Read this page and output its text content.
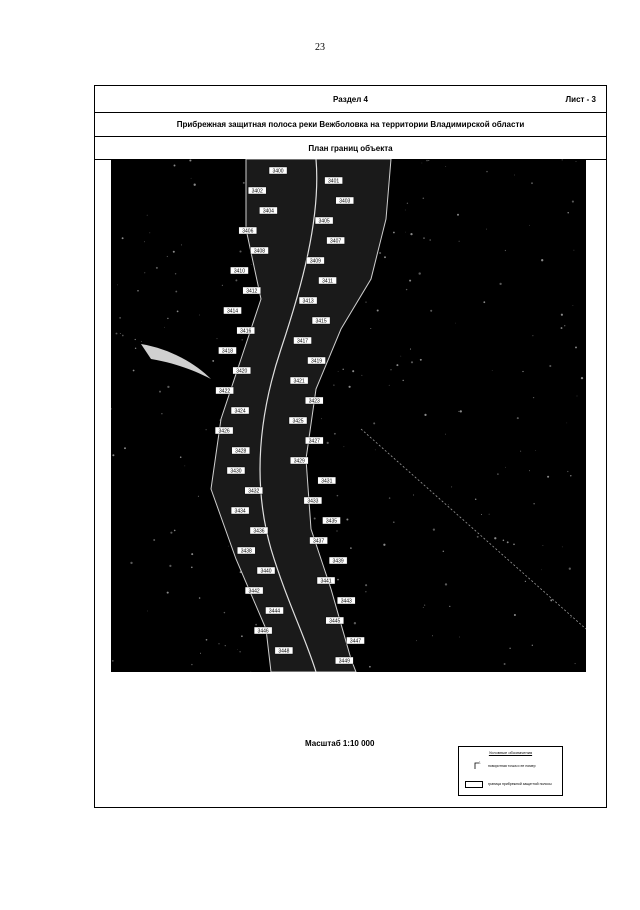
23
Раздел 4	Лист - 3
Прибрежная защитная полоса реки Вежболовка на территории Владимирской области
План границ объекта
3400
3401
3402
3403
3404
3405
3406
3407
3408
3409
3410
3411
3412
3413
3414
3415
3416
3417
3418
3419
3420
3421
3422
3423
3424
3425
3426
3427
3428
3429
3430
3431
3432
3433
3434
3435
3436
3437
3438
3439
3440
3441
3442
3443
3444
3445
3446
3447
3448
3449
Масштаб 1:10 000
Условные обозначения
1
поворотная точка и ее номер
граница прибрежной защитной полосы
